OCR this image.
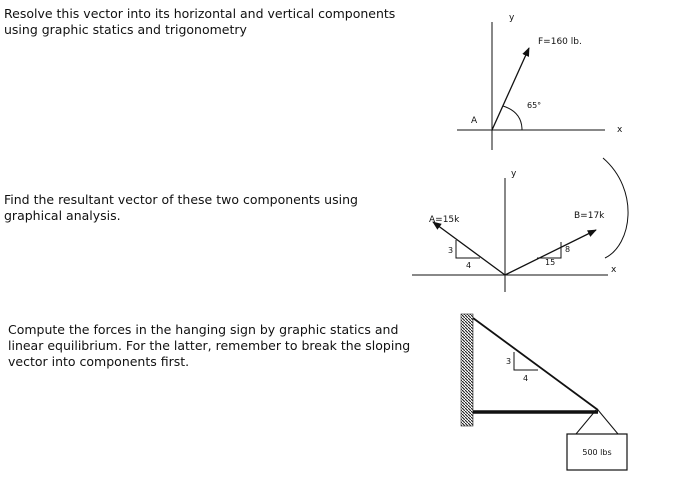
Resolve this vector into its horizontal and vertical components
using graphic statics and trigonometry
Find the resultant vector of these two components using
graphical analysis.
Compute the forces in the hanging sign by graphic statics and
linear equilibrium. For the latter, remember to break the sloping
vector into components first.
y
F=160 lb.
65°
A
x
y
A=15k	B=17k
3
4
8
15
x
3
4
500 lbs
